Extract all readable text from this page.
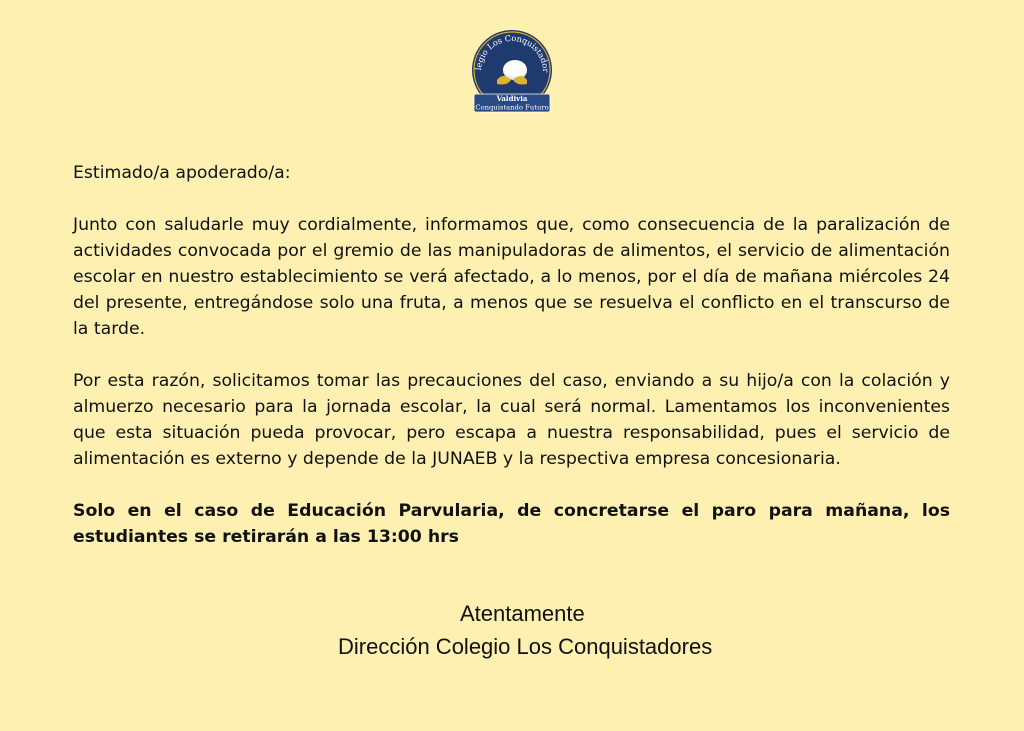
legio Los Conquistador
Valdivia
Conquistando Futuro

Estimado/a apoderado/a:

Junto con saludarle muy cordialmente, informamos que, como consecuencia de la paralización de actividades convocada por el gremio de las manipuladoras de alimentos, el servicio de alimentación escolar en nuestro establecimiento se verá afectado, a lo menos, por el día de mañana miércoles 24 del presente, entregándose solo una fruta, a menos que se resuelva el conflicto en el transcurso de la tarde.

Por esta razón, solicitamos tomar las precauciones del caso, enviando a su hijo/a con la colación y almuerzo necesario para la jornada escolar, la cual será normal. Lamentamos los inconvenientes que esta situación pueda provocar, pero escapa a nuestra responsabilidad, pues el servicio de alimentación es externo y depende de la JUNAEB y la respectiva empresa concesionaria.

Solo en el caso de Educación Parvularia, de concretarse el paro para mañana, los estudiantes se retirarán a las 13:00 hrs

Atentamente
Dirección Colegio Los Conquistadores
